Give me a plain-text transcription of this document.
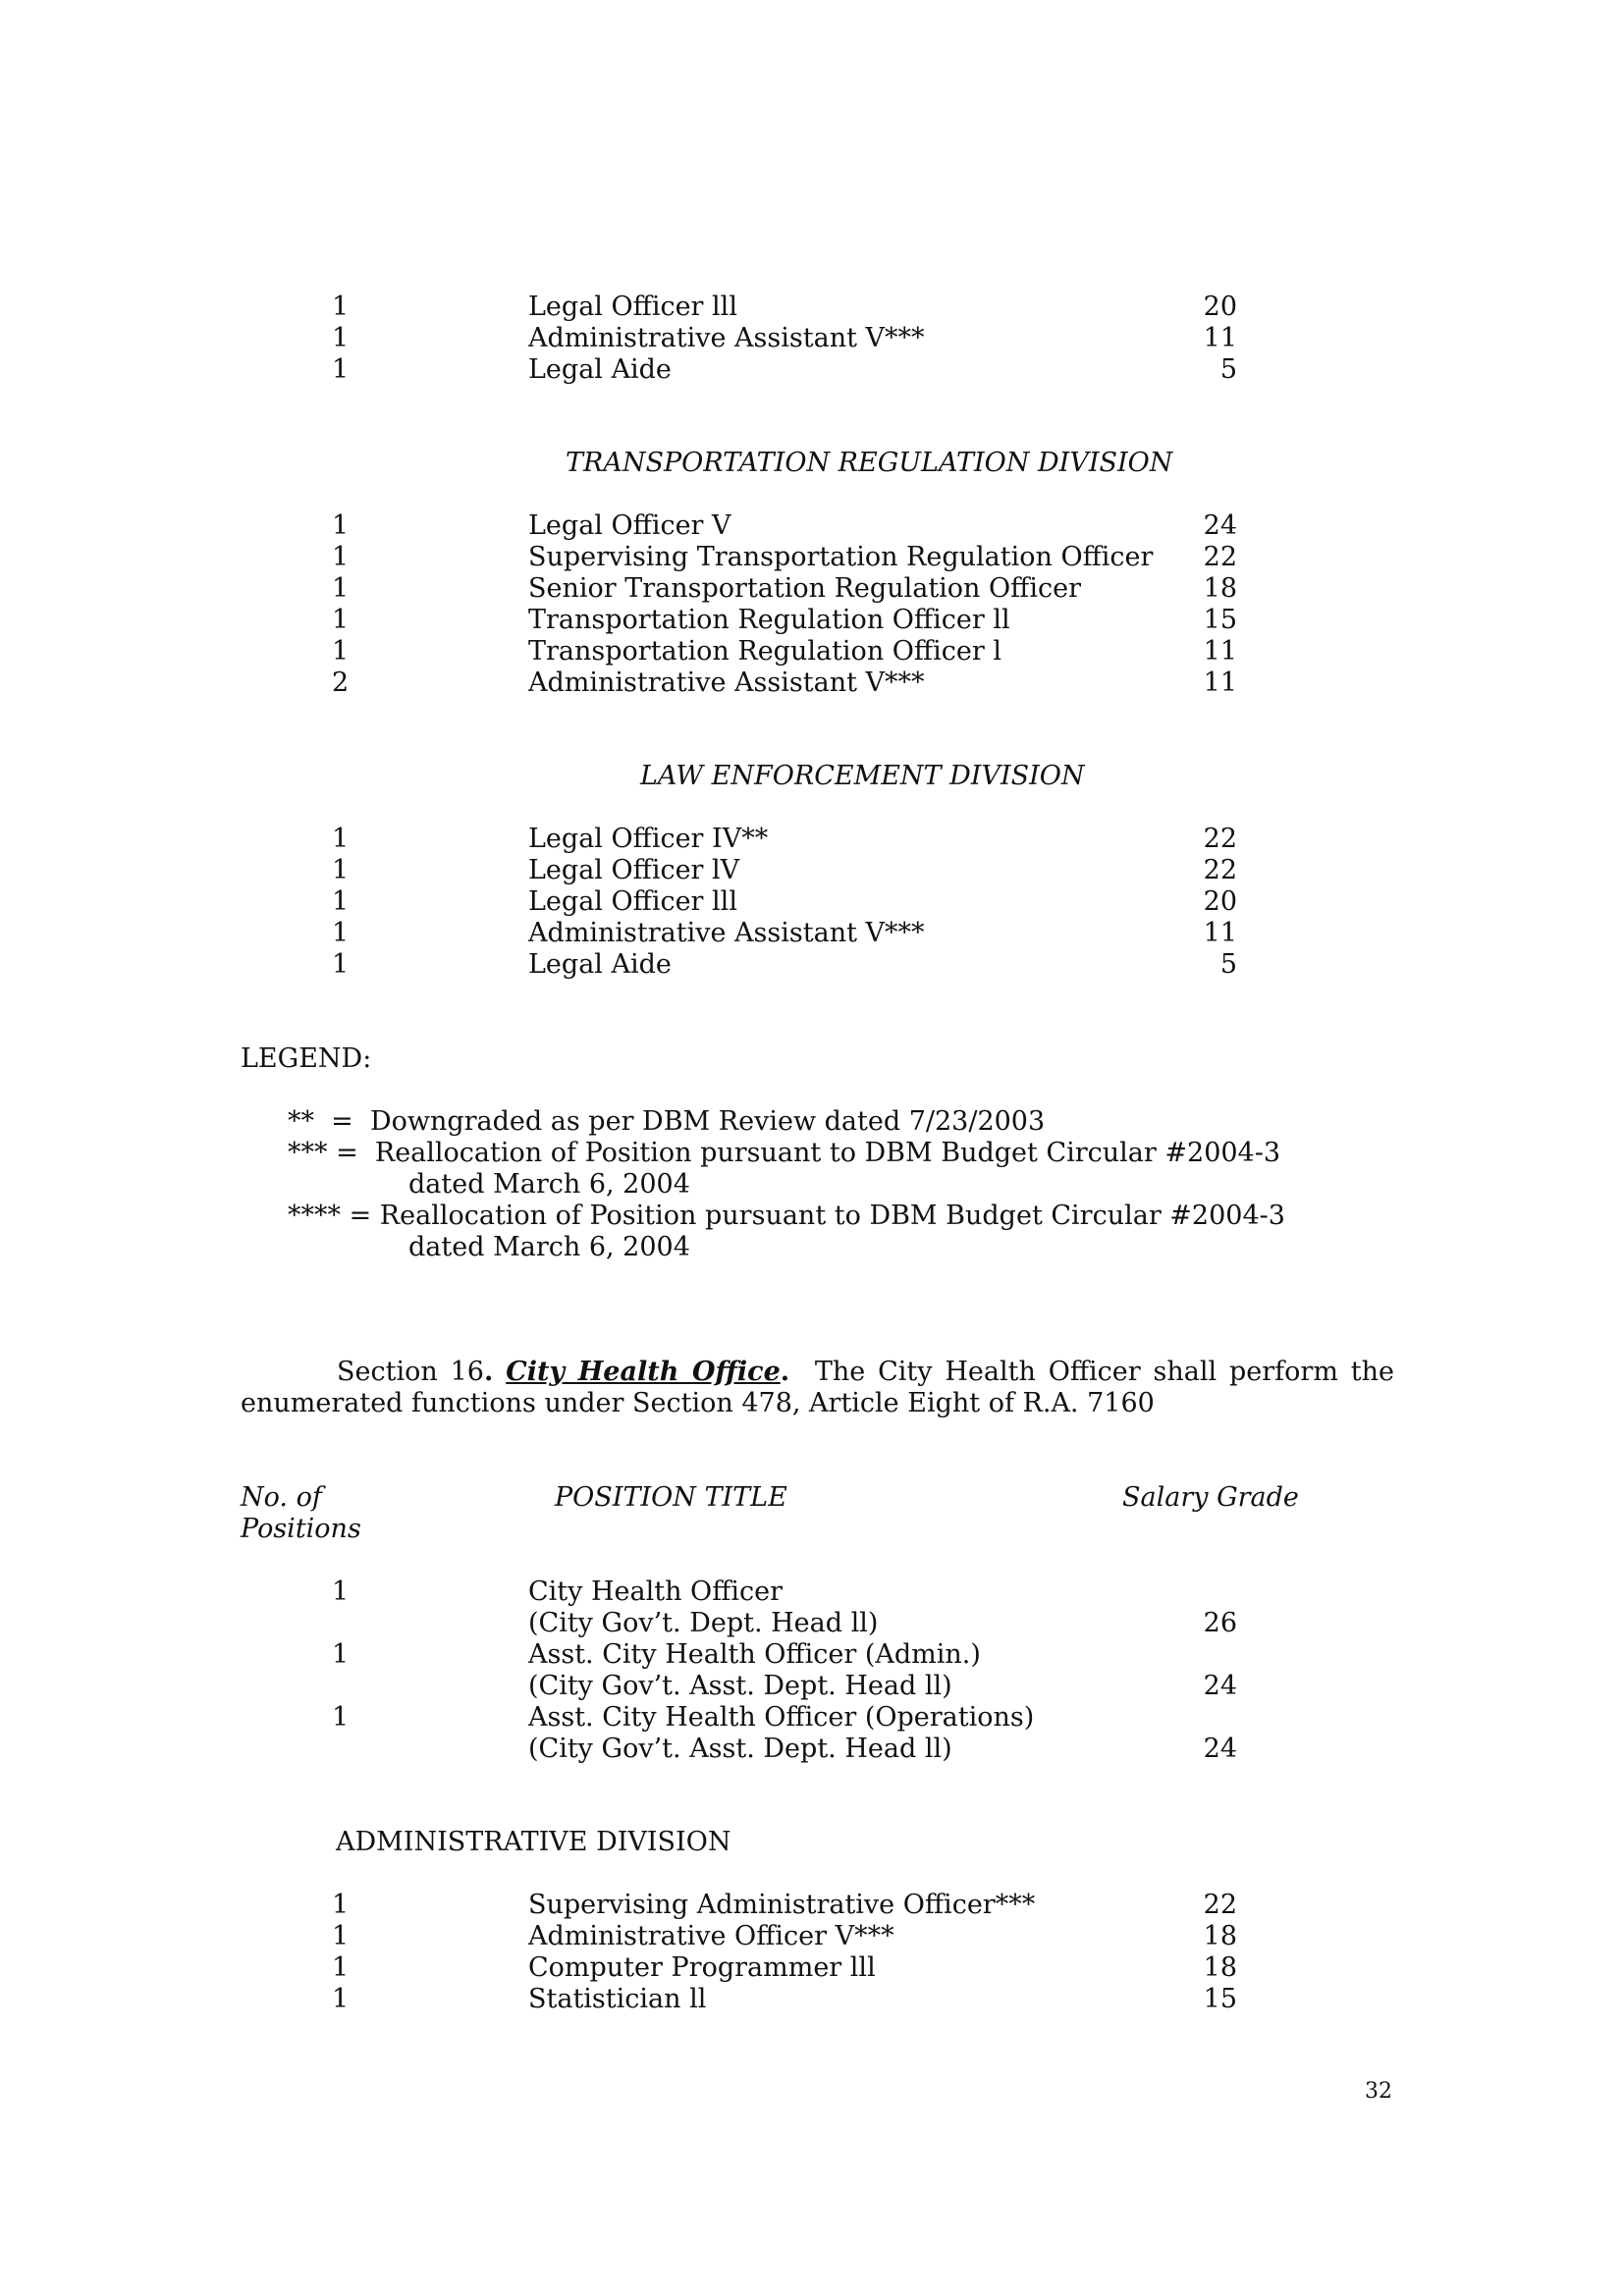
1	Legal Officer lll	20
1	Administrative Assistant V***	11
1	Legal Aide	5
TRANSPORTATION REGULATION DIVISION
1	Legal Officer V	24
1	Supervising Transportation Regulation Officer	22
1	Senior Transportation Regulation Officer	18
1	Transportation Regulation Officer ll	15
1	Transportation Regulation Officer l	11
2	Administrative Assistant V***	11
LAW ENFORCEMENT DIVISION
1	Legal Officer IV**	22
1	Legal Officer lV	22
1	Legal Officer lll	20
1	Administrative Assistant V***	11
1	Legal Aide	5
LEGEND:
**  =  Downgraded as per DBM Review dated 7/23/2003
*** =  Reallocation of Position pursuant to DBM Budget Circular #2004-3
dated March 6, 2004
**** = Reallocation of Position pursuant to DBM Budget Circular #2004-3
dated March 6, 2004
Section 16. City Health Office. The City Health Officer shall perform the enumerated functions under Section 478, Article Eight of R.A. 7160
No. of
Positions
POSITION TITLE	Salary Grade
1	City Health Officer
(City Gov’t. Dept. Head ll)	26
1	Asst. City Health Officer (Admin.)
(City Gov’t. Asst. Dept. Head ll)	24
1	Asst. City Health Officer (Operations)
(City Gov’t. Asst. Dept. Head ll)	24
ADMINISTRATIVE DIVISION
1	Supervising Administrative Officer***	22
1	Administrative Officer V***	18
1	Computer Programmer lll	18
1	Statistician ll	15
32
